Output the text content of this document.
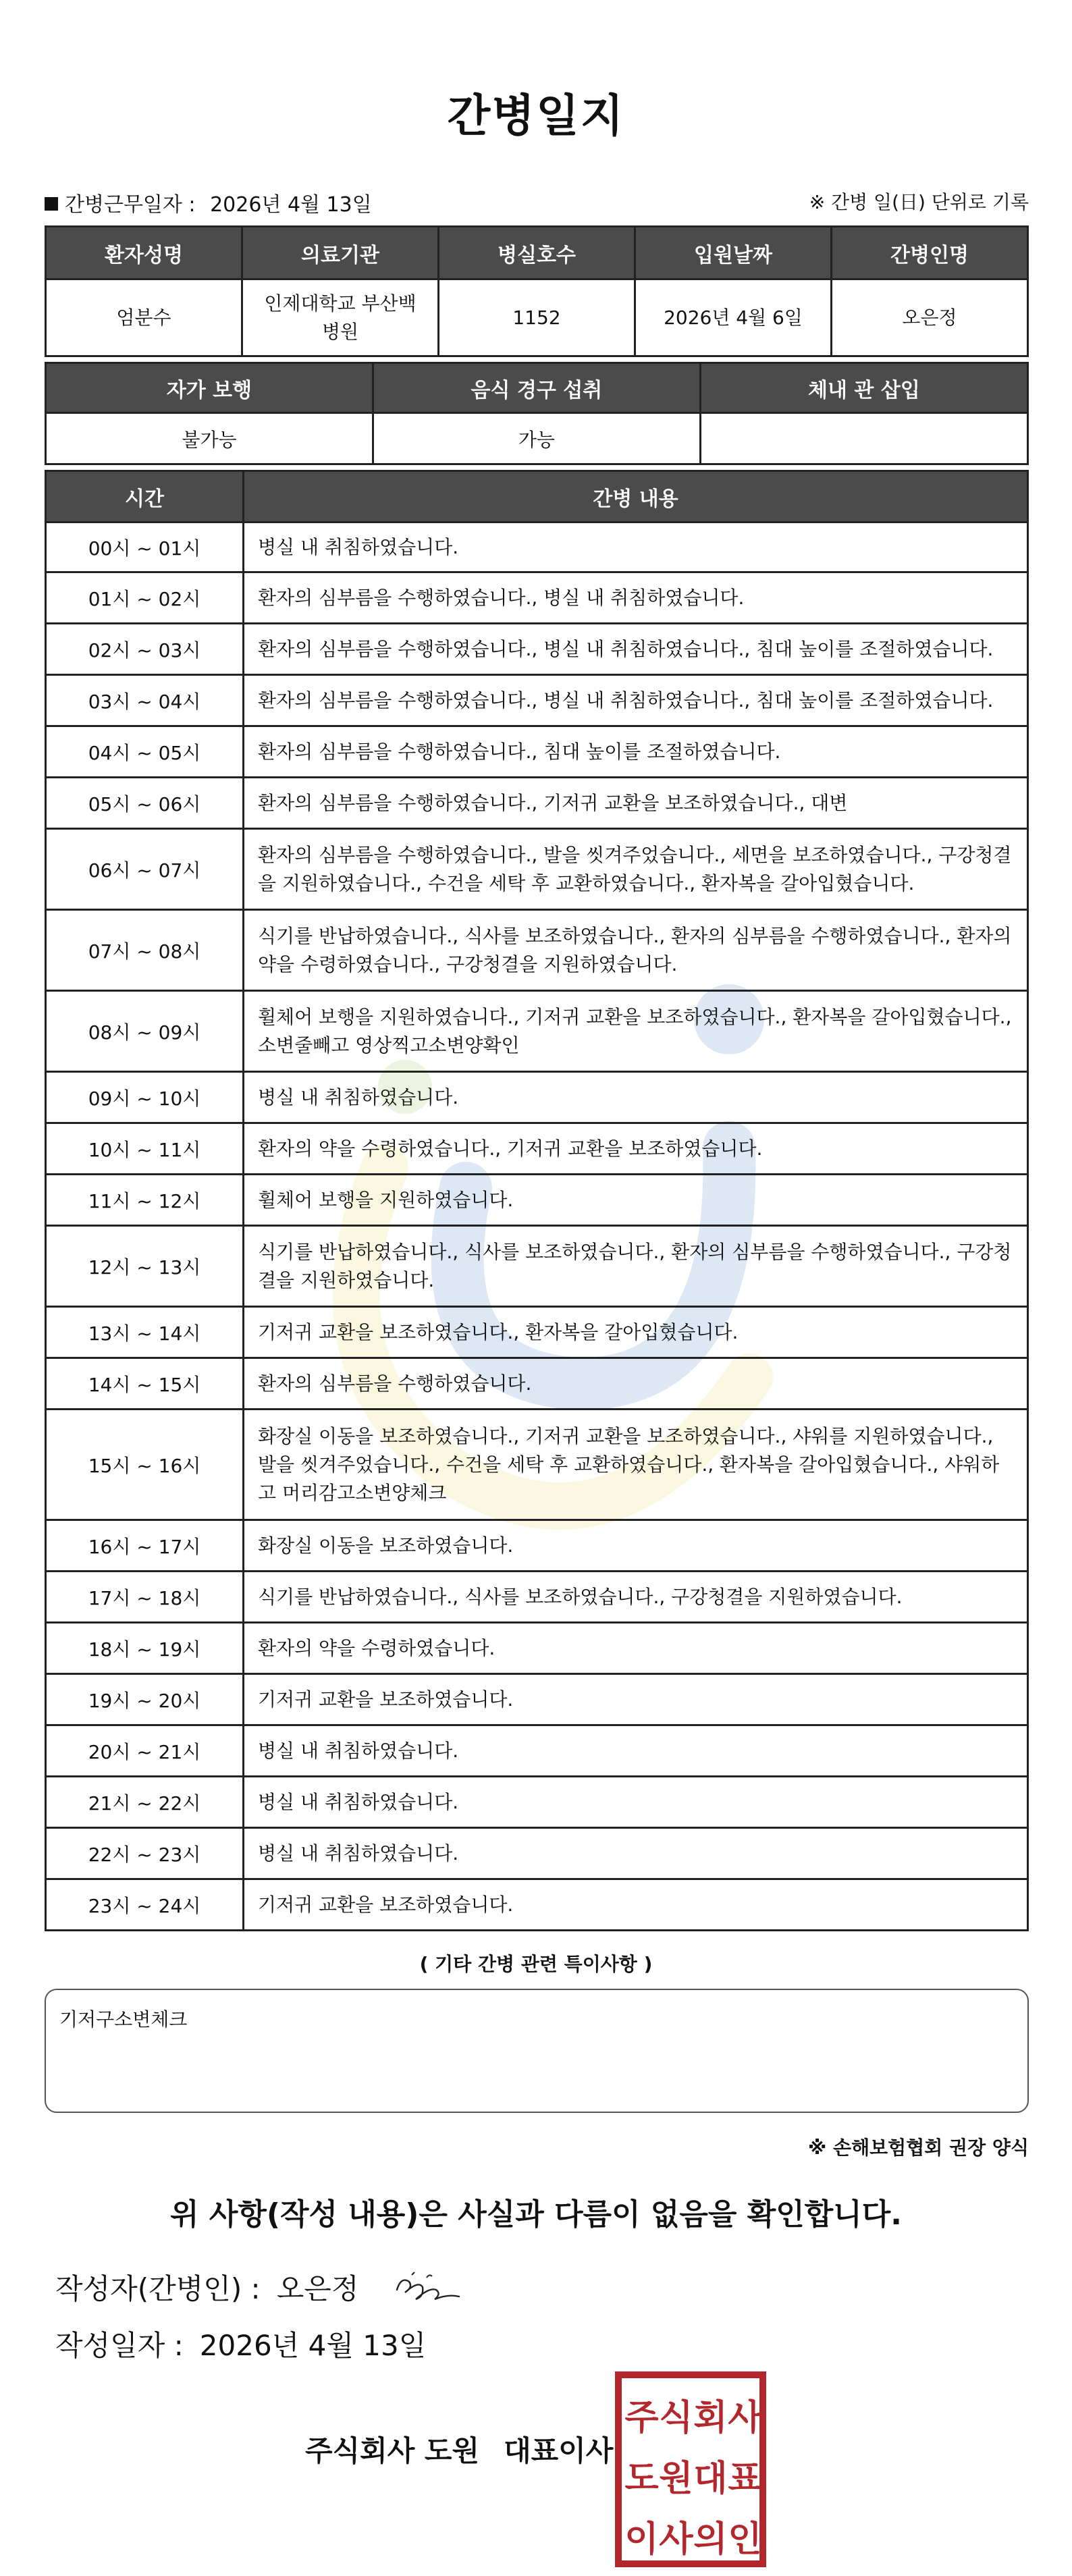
간병일지
간병근무일자 : 2026년 4월 13일	※ 간병 일(日) 단위로 기록
환자성명	의료기관	병실호수	입원날짜	간병인명
엄분수	인제대학교 부산백병원	1152	2026년 4월 6일	오은정
자가 보행	음식 경구 섭취	체내 관 삽입
불가능	가능	
시간	간병 내용
00시 ~ 01시	병실 내 취침하였습니다.
01시 ~ 02시	환자의 심부름을 수행하였습니다., 병실 내 취침하였습니다.
02시 ~ 03시	환자의 심부름을 수행하였습니다., 병실 내 취침하였습니다., 침대 높이를 조절하였습니다.
03시 ~ 04시	환자의 심부름을 수행하였습니다., 병실 내 취침하였습니다., 침대 높이를 조절하였습니다.
04시 ~ 05시	환자의 심부름을 수행하였습니다., 침대 높이를 조절하였습니다.
05시 ~ 06시	환자의 심부름을 수행하였습니다., 기저귀 교환을 보조하였습니다., 대변
06시 ~ 07시	환자의 심부름을 수행하였습니다., 발을 씻겨주었습니다., 세면을 보조하였습니다., 구강청결을 지원하였습니다., 수건을 세탁 후 교환하였습니다., 환자복을 갈아입혔습니다.
07시 ~ 08시	식기를 반납하였습니다., 식사를 보조하였습니다., 환자의 심부름을 수행하였습니다., 환자의 약을 수령하였습니다., 구강청결을 지원하였습니다.
08시 ~ 09시	휠체어 보행을 지원하였습니다., 기저귀 교환을 보조하였습니다., 환자복을 갈아입혔습니다., 소변줄빼고 영상찍고소변양확인
09시 ~ 10시	병실 내 취침하였습니다.
10시 ~ 11시	환자의 약을 수령하였습니다., 기저귀 교환을 보조하였습니다.
11시 ~ 12시	휠체어 보행을 지원하였습니다.
12시 ~ 13시	식기를 반납하였습니다., 식사를 보조하였습니다., 환자의 심부름을 수행하였습니다., 구강청결을 지원하였습니다.
13시 ~ 14시	기저귀 교환을 보조하였습니다., 환자복을 갈아입혔습니다.
14시 ~ 15시	환자의 심부름을 수행하였습니다.
15시 ~ 16시	화장실 이동을 보조하였습니다., 기저귀 교환을 보조하였습니다., 샤워를 지원하였습니다., 발을 씻겨주었습니다., 수건을 세탁 후 교환하였습니다., 환자복을 갈아입혔습니다., 샤워하고 머리감고소변양체크
16시 ~ 17시	화장실 이동을 보조하였습니다.
17시 ~ 18시	식기를 반납하였습니다., 식사를 보조하였습니다., 구강청결을 지원하였습니다.
18시 ~ 19시	환자의 약을 수령하였습니다.
19시 ~ 20시	기저귀 교환을 보조하였습니다.
20시 ~ 21시	병실 내 취침하였습니다.
21시 ~ 22시	병실 내 취침하였습니다.
22시 ~ 23시	병실 내 취침하였습니다.
23시 ~ 24시	기저귀 교환을 보조하였습니다.
( 기타 간병 관련 특이사항 )
기저구소변체크
※ 손해보험협회 권장 양식
위 사항(작성 내용)은 사실과 다름이 없음을 확인합니다.
작성자(간병인) : 오은정
작성일자 : 2026년 4월 13일
주식회사 도원 대표이사
주 식 회 사
도 원 대 표
이 사 의 인
